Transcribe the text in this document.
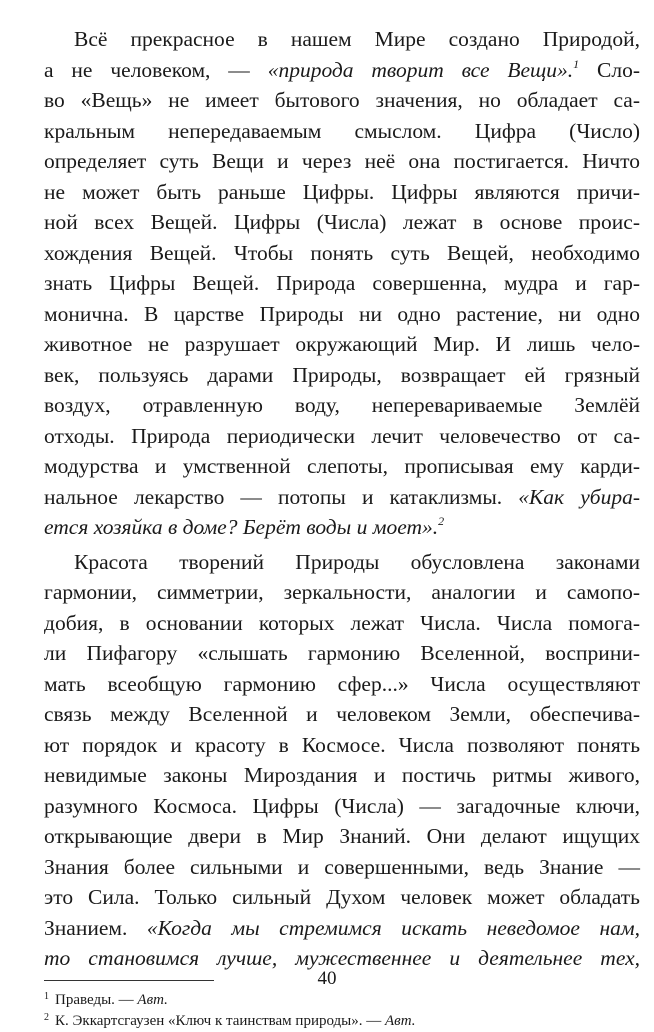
Всё прекрасное в нашем Мире создано Природой,
а не человеком, — «природа творит все Вещи».$^1$ Сло-
во «Вещь» не имеет бытового значения, но обладает са-
кральным непередаваемым смыслом. Цифра (Число)
определяет суть Вещи и через неё она постигается. Ничто
не может быть раньше Цифры. Цифры являются причи-
ной всех Вещей. Цифры (Числа) лежат в основе проис-
хождения Вещей. Чтобы понять суть Вещей, необходимо
знать Цифры Вещей. Природа совершенна, мудра и гар-
монична. В царстве Природы ни одно растение, ни одно
животное не разрушает окружающий Мир. И лишь чело-
век, пользуясь дарами Природы, возвращает ей грязный
воздух, отравленную воду, неперевариваемые Землёй
отходы. Природа периодически лечит человечество от са-
модурства и умственной слепоты, прописывая ему карди-
нальное лекарство — потопы и катаклизмы. «Как убира-
ется хозяйка в доме? Берёт воды и моет».$^2$
Красота творений Природы обусловлена законами
гармонии, симметрии, зеркальности, аналогии и самопо-
добия, в основании которых лежат Числа. Числа помога-
ли Пифагору «слышать гармонию Вселенной, восприни-
мать всеобщую гармонию сфер...» Числа осуществляют
связь между Вселенной и человеком Земли, обеспечива-
ют порядок и красоту в Космосе. Числа позволяют понять
невидимые законы Мироздания и постичь ритмы живого,
разумного Космоса. Цифры (Числа) — загадочные ключи,
открывающие двери в Мир Знаний. Они делают ищущих
Знания более сильными и совершенными, ведь Знание —
это Сила. Только сильный Духом человек может обладать
40
Знанием. «Когда мы стремимся искать неведомое нам,
то становимся лучше, мужественнее и деятельнее тех,
$^1$ Праведы. — Авт.
$^2$ К. Эккартсгаузен «Ключ к таинствам природы». — Авт.
